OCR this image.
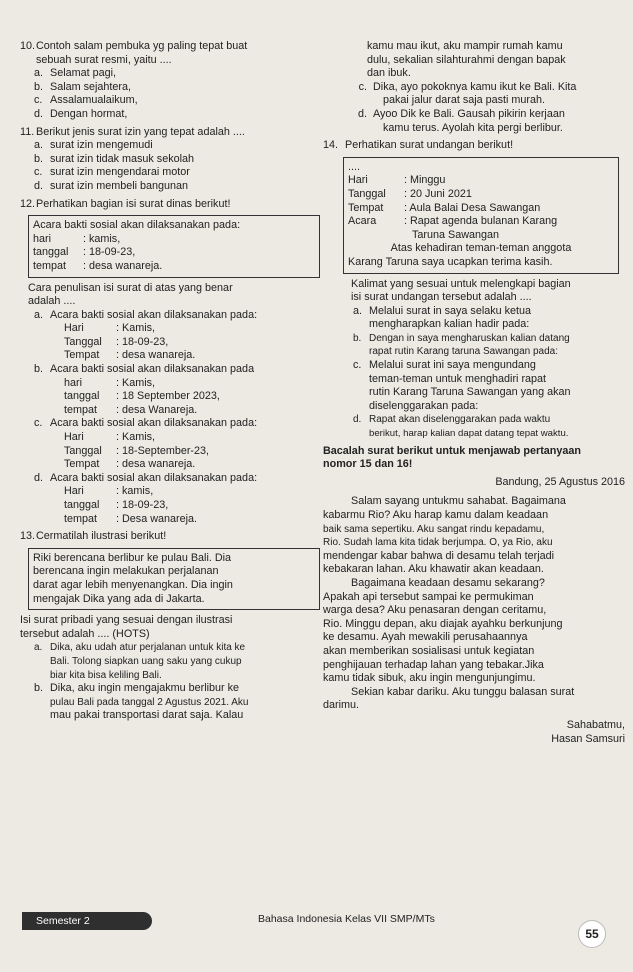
10.Contoh salam pembuka yg paling tepat buat
sebuah surat resmi, yaitu ....
a. Selamat pagi,
b. Salam sejahtera,
c. Assalamualaikum,
d. Dengan hormat,
11. Berikut jenis surat izin yang tepat adalah ....
a. surat izin mengemudi
b. surat izin tidak masuk sekolah
c. surat izin mengendarai motor
d. surat izin membeli bangunan
12.Perhatikan bagian isi surat dinas berikut!
Acara bakti sosial akan dilaksanakan pada:
hari	: kamis,
tanggal	: 18-09-23,
tempat	: desa wanareja.
Cara penulisan isi surat di atas yang benar
adalah ....
a. Acara bakti sosial akan dilaksanakan pada:
Hari	: Kamis,
Tanggal	: 18-09-23,
Tempat	: desa wanareja.
b. Acara bakti sosial akan dilaksanakan pada
hari	: Kamis,
tanggal	: 18 September 2023,
tempat	: desa Wanareja.
c. Acara bakti sosial akan dilaksanakan pada:
Hari	: Kamis,
Tanggal	: 18-September-23,
Tempat	: desa wanareja.
d. Acara bakti sosial akan dilaksanakan pada:
Hari	: kamis,
tanggal	: 18-09-23,
tempat	: Desa wanareja.
13.Cermatilah ilustrasi berikut!
Riki berencana berlibur ke pulau Bali. Dia
berencana ingin melakukan perjalanan
darat agar lebih menyenangkan. Dia ingin
mengajak Dika yang ada di Jakarta.
Isi surat pribadi yang sesuai dengan ilustrasi
tersebut adalah .... (HOTS)
a. Dika, aku udah atur perjalanan untuk kita ke
Bali. Tolong siapkan uang saku yang cukup
biar kita bisa keliling Bali.
b. Dika, aku ingin mengajakmu berlibur ke
pulau Bali pada tanggal 2 Agustus 2021. Aku
mau pakai transportasi darat saja. Kalau
kamu mau ikut, aku mampir rumah kamu
dulu, sekalian silahturahmi dengan bapak
dan ibuk.
c. Dika, ayo pokoknya kamu ikut ke Bali. Kita
pakai jalur darat saja pasti murah.
d. Ayoo Dik ke Bali. Gausah pikirin kerjaan
kamu terus. Ayolah kita pergi berlibur.
14. Perhatikan surat undangan berikut!
....
Hari	: Minggu
Tanggal	: 20 Juni 2021
Tempat	: Aula Balai Desa Sawangan
Acara	: Rapat agenda bulanan Karang
Taruna Sawangan
Atas kehadiran teman-teman anggota
Karang Taruna saya ucapkan terima kasih.
Kalimat yang sesuai untuk melengkapi bagian
isi surat undangan tersebut adalah ....
a. Melalui surat in saya selaku ketua
mengharapkan kalian hadir pada:
b. Dengan in saya mengharuskan kalian datang
rapat rutin Karang taruna Sawangan pada:
c. Melalui surat ini saya mengundang
teman-teman untuk menghadiri rapat
rutin Karang Taruna Sawangan yang akan
diselenggarakan pada:
d. Rapat akan diselenggarakan pada waktu
berikut, harap kalian dapat datang tepat waktu.
Bacalah surat berikut untuk menjawab pertanyaan
nomor 15 dan 16!
Bandung, 25 Agustus 2016
Salam sayang untukmu sahabat. Bagaimana
kabarmu Rio? Aku harap kamu dalam keadaan
baik sama sepertiku. Aku sangat rindu kepadamu,
Rio. Sudah lama kita tidak berjumpa. O, ya Rio, aku
mendengar kabar bahwa di desamu telah terjadi
kebakaran lahan. Aku khawatir akan keadaan.
Bagaimana keadaan desamu sekarang?
Apakah api tersebut sampai ke permukiman
warga desa? Aku penasaran dengan ceritamu,
Rio. Minggu depan, aku diajak ayahku berkunjung
ke desamu. Ayah mewakili perusahaannya
akan memberikan sosialisasi untuk kegiatan
penghijauan terhadap lahan yang tebakar.Jika
kamu tidak sibuk, aku ingin mengunjungimu.
Sekian kabar dariku. Aku tunggu balasan surat
darimu.
Sahabatmu,
Hasan Samsuri
Semester 2	Bahasa Indonesia Kelas VII SMP/MTs
55
